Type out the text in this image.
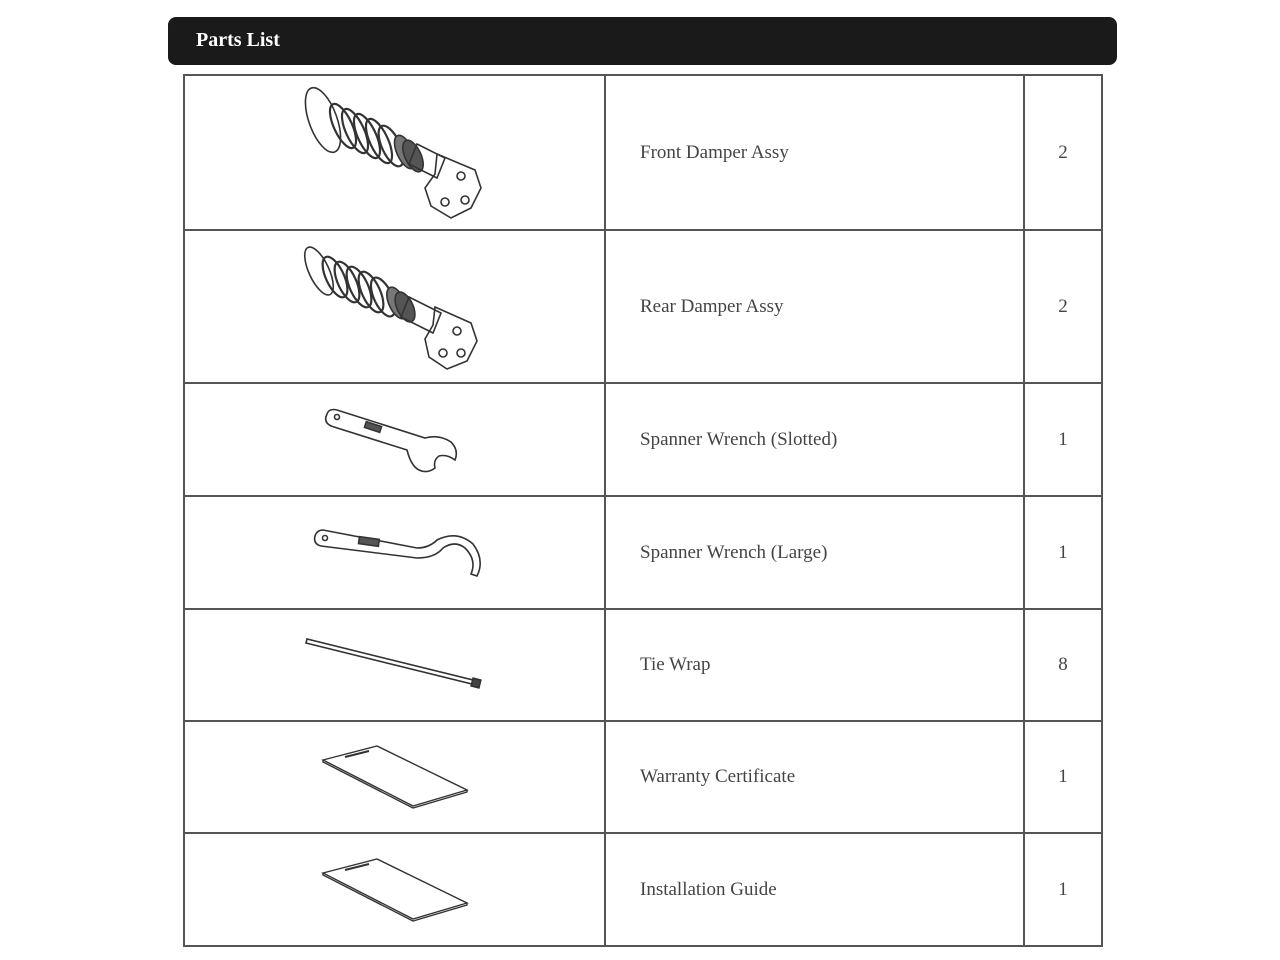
Parts List

Front Damper Assy	2

Rear Damper Assy	2

Spanner Wrench (Slotted)	1

Spanner Wrench (Large)	1

Tie Wrap	8

Warranty Certificate	1

Installation Guide	1
